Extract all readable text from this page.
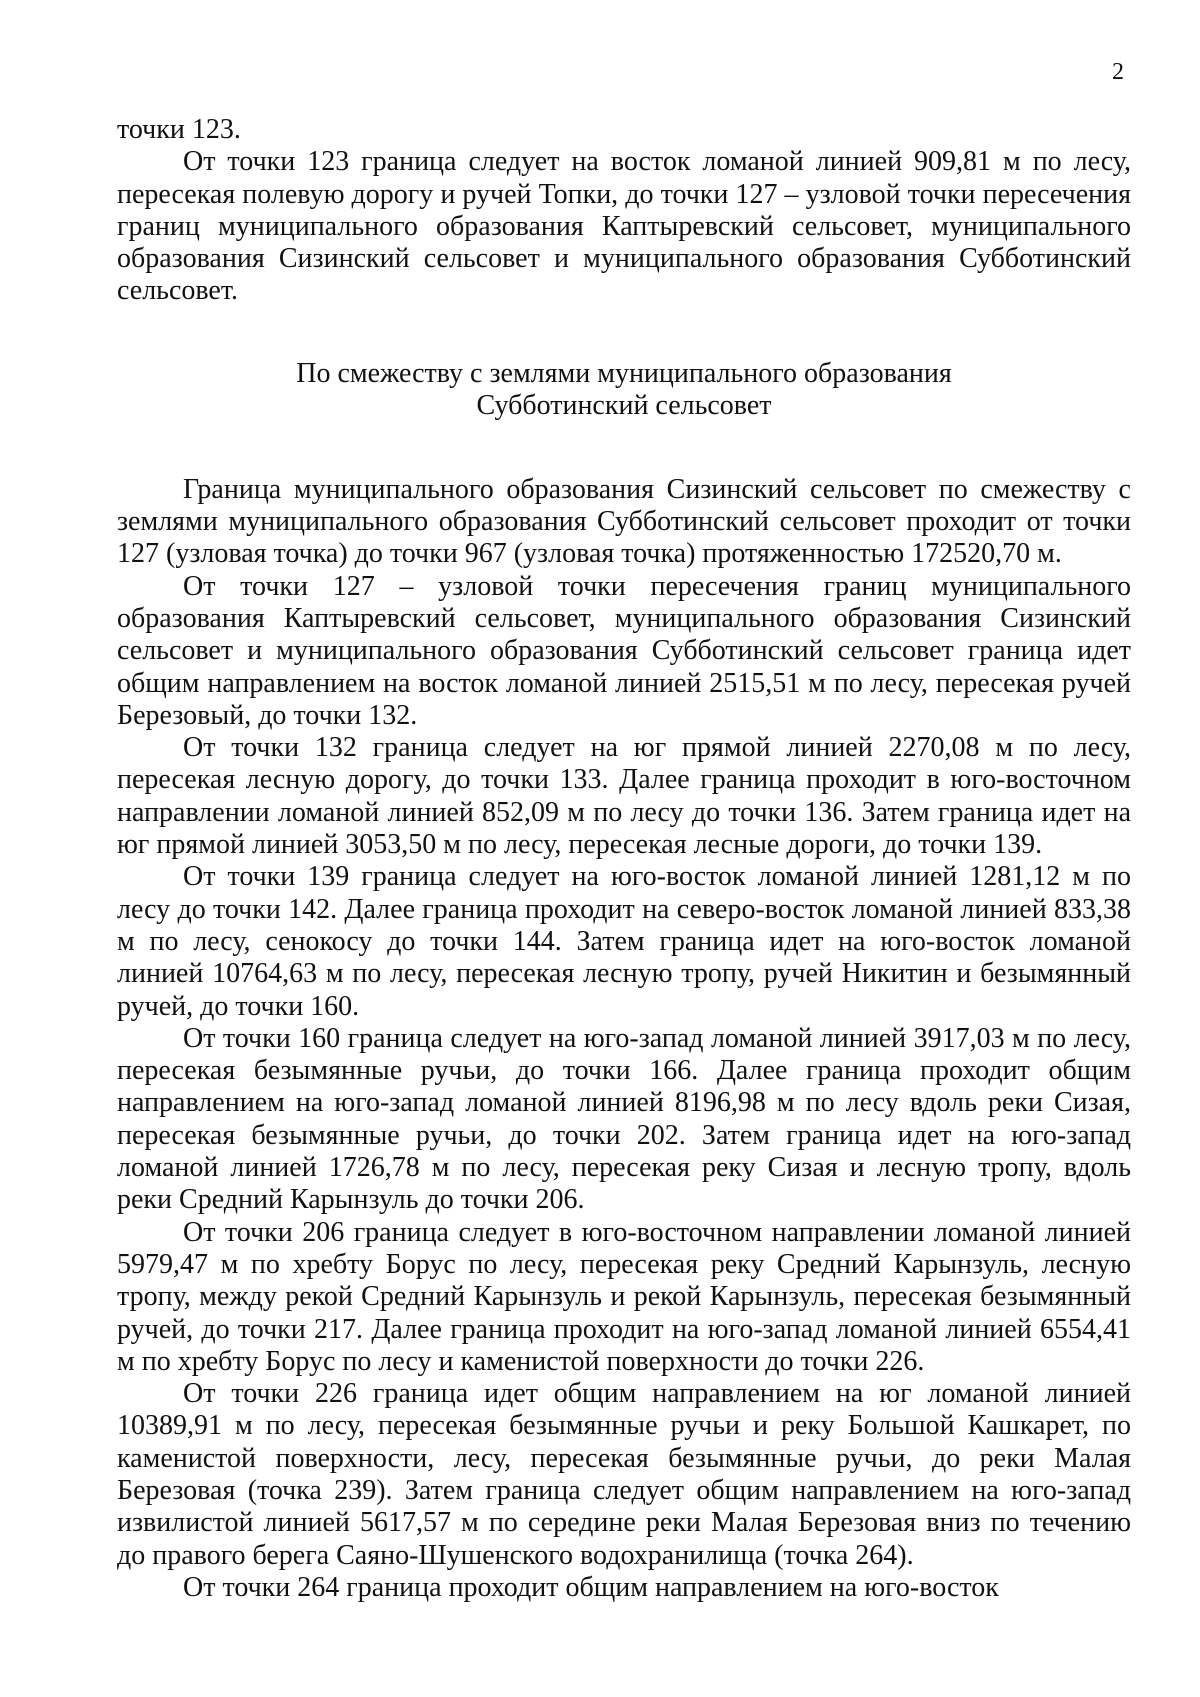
2

точки 123.

От точки 123 граница следует на восток ломаной линией 909,81 м по лесу, пересекая полевую дорогу и ручей Топки, до точки 127 – узловой точки пересечения границ муниципального образования Каптыревский сельсовет, муниципального образования Сизинский сельсовет и муниципального образования Субботинский сельсовет.

По смежеству с землями муниципального образования
Субботинский сельсовет

Граница муниципального образования Сизинский сельсовет по смежеству с землями муниципального образования Субботинский сельсовет проходит от точки 127 (узловая точка) до точки 967 (узловая точка) протяженностью 172520,70 м.

От точки 127 – узловой точки пересечения границ муниципального образования Каптыревский сельсовет, муниципального образования Сизинский сельсовет и муниципального образования Субботинский сельсовет граница идет общим направлением на восток ломаной линией 2515,51 м по лесу, пересекая ручей Березовый, до точки 132.

От точки 132 граница следует на юг прямой линией 2270,08 м по лесу, пересекая лесную дорогу, до точки 133. Далее граница проходит в юго-восточном направлении ломаной линией 852,09 м по лесу до точки 136. Затем граница идет на юг прямой линией 3053,50 м по лесу, пересекая лесные дороги, до точки 139.

От точки 139 граница следует на юго-восток ломаной линией 1281,12 м по лесу до точки 142. Далее граница проходит на северо-восток ломаной линией 833,38 м по лесу, сенокосу до точки 144. Затем граница идет на юго-восток ломаной линией 10764,63 м по лесу, пересекая лесную тропу, ручей Никитин и безымянный ручей, до точки 160.

От точки 160 граница следует на юго-запад ломаной линией 3917,03 м по лесу, пересекая безымянные ручьи, до точки 166. Далее граница проходит общим направлением на юго-запад ломаной линией 8196,98 м по лесу вдоль реки Сизая, пересекая безымянные ручьи, до точки 202. Затем граница идет на юго-запад ломаной линией 1726,78 м по лесу, пересекая реку Сизая и лесную тропу, вдоль реки Средний Карынзуль до точки 206.

От точки 206 граница следует в юго-восточном направлении ломаной линией 5979,47 м по хребту Борус по лесу, пересекая реку Средний Карынзуль, лесную тропу, между рекой Средний Карынзуль и рекой Карынзуль, пересекая безымянный ручей, до точки 217. Далее граница проходит на юго-запад ломаной линией 6554,41 м по хребту Борус по лесу и каменистой поверхности до точки 226.

От точки 226 граница идет общим направлением на юг ломаной линией 10389,91 м по лесу, пересекая безымянные ручьи и реку Большой Кашкарет, по каменистой поверхности, лесу, пересекая безымянные ручьи, до реки Малая Березовая (точка 239). Затем граница следует общим направлением на юго-запад извилистой линией 5617,57 м по середине реки Малая Березовая вниз по течению до правого берега Саяно-Шушенского водохранилища (точка 264).

От точки 264 граница проходит общим направлением на юго-восток
